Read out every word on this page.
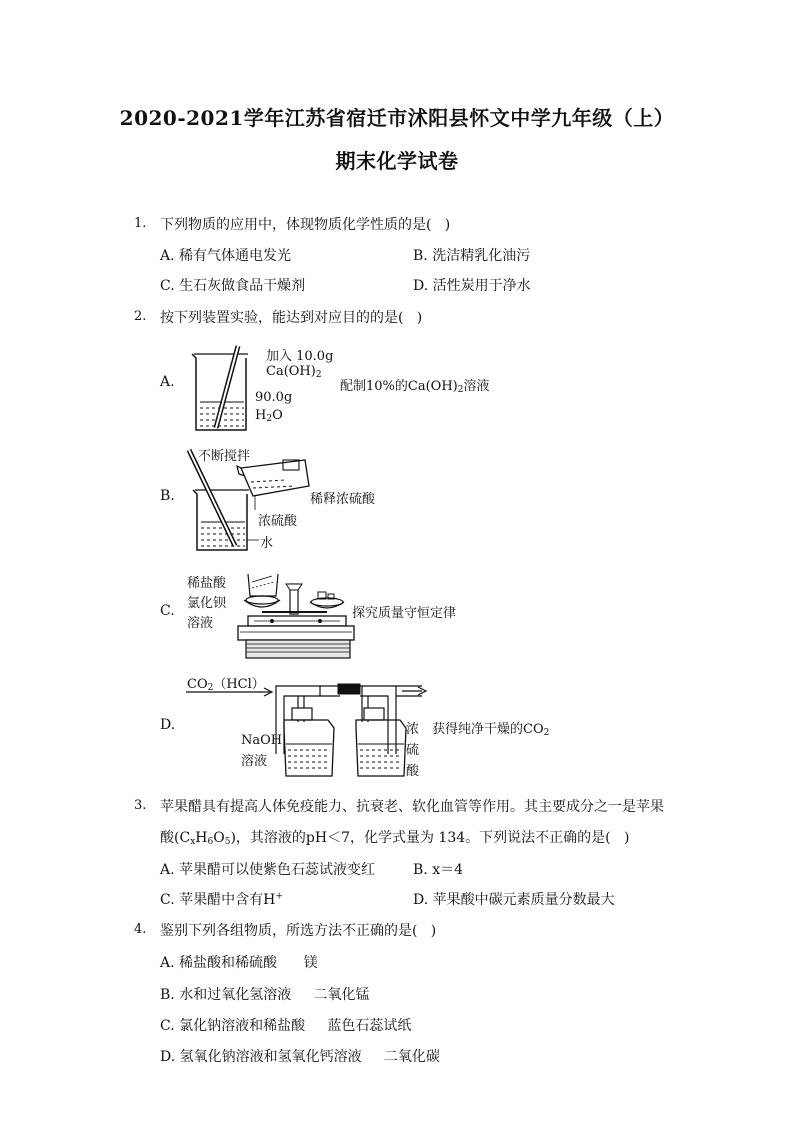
2020-2021学年江苏省宿迁市沭阳县怀文中学九年级（上）
期末化学试卷
1. 下列物质的应用中，体现物质化学性质的是(   )
A. 稀有气体通电发光	B. 洗洁精乳化油污
C. 生石灰做食品干燥剂	D. 活性炭用于净水
2. 按下列装置实验，能达到对应目的的是(   )
A.
加入 10.0g
$Ca(OH)_2$
90.0g
$H_2O$
配制10%的$Ca(OH)_2$溶液
B.
不断搅拌
浓硫酸
水
稀释浓硫酸
C.
稀盐酸
氯化钡
溶液
探究质量守恒定律
D.
$CO_2(HCl)$
NaOH
溶液
浓
硫
酸
获得纯净干燥的$CO_2$
3. 苹果醋具有提高人体免疫能力、抗衰老、软化血管等作用。其主要成分之一是苹果
酸$(C_xH_6O_5)$，其溶液的pH＜7，化学式量为 134。下列说法不正确的是(   )
A. 苹果醋可以使紫色石蕊试液变红	B. x＝4
C. 苹果醋中含有H+	D. 苹果酸中碳元素质量分数最大
4. 鉴别下列各组物质，所选方法不正确的是(   )
A. 稀盐酸和稀硫酸      镁
B. 水和过氧化氢溶液     二氧化锰
C. 氯化钠溶液和稀盐酸     蓝色石蕊试纸
D. 氢氧化钠溶液和氢氧化钙溶液     二氧化碳
